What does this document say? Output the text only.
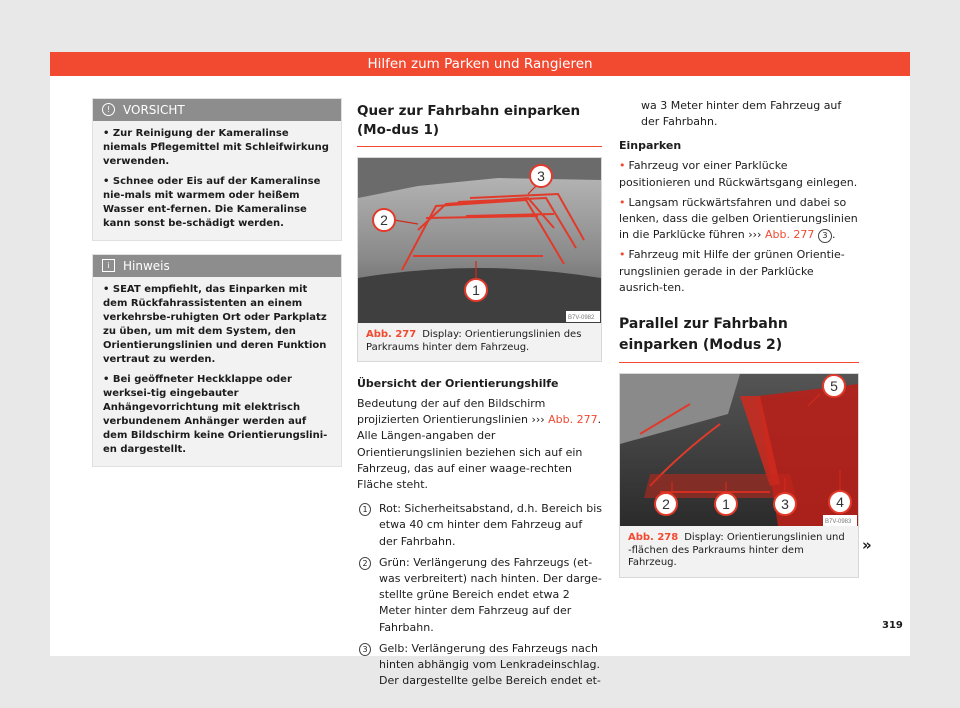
Hilfen zum Parken und Rangieren
! VORSICHT

• Zur Reinigung der Kameralinse niemals Pflegemittel mit Schleifwirkung verwenden.

• Schnee oder Eis auf der Kameralinse nie-mals mit warmem oder heißem Wasser ent-fernen. Die Kameralinse kann sonst be-schädigt werden.

i Hinweis

• SEAT empfiehlt, das Einparken mit dem Rückfahrassistenten an einem verkehrsbe-ruhigten Ort oder Parkplatz zu üben, um mit dem System, den Orientierungslinien und deren Funktion vertraut zu werden.

• Bei geöffneter Heckklappe oder werksei-tig eingebauter Anhängevorrichtung mit elektrisch verbundenem Anhänger werden auf dem Bildschirm keine Orientierungslini-en dargestellt.

Quer zur Fahrbahn einparken (Mo-dus 1)
3
2
1
B7V-0982
Abb. 277 Display: Orientierungslinien des Parkraums hinter dem Fahrzeug.
Übersicht der Orientierungshilfe
Bedeutung der auf den Bildschirm projizierten Orientierungslinien ››› Abb. 277. Alle Längen-angaben der Orientierungslinien beziehen sich auf ein Fahrzeug, das auf einer waage-rechten Fläche steht.
1	Rot: Sicherheitsabstand, d.h. Bereich bis etwa 40 cm hinter dem Fahrzeug auf der Fahrbahn.
2	Grün: Verlängerung des Fahrzeugs (et-was verbreitert) nach hinten. Der darge-stellte grüne Bereich endet etwa 2 Meter hinter dem Fahrzeug auf der Fahrbahn.
3	Gelb: Verlängerung des Fahrzeugs nach hinten abhängig vom Lenkradeinschlag. Der dargestellte gelbe Bereich endet et-
wa 3 Meter hinter dem Fahrzeug auf der Fahrbahn.
Einparken
• Fahrzeug vor einer Parklücke positionieren und Rückwärtsgang einlegen.
• Langsam rückwärtsfahren und dabei so lenken, dass die gelben Orientierungslinien in die Parklücke führen ››› Abb. 277 3 .
• Fahrzeug mit Hilfe der grünen Orientie-rungslinien gerade in der Parklücke ausrich-ten.
Parallel zur Fahrbahn einparken (Modus 2)
5
2	1	3	4
B7V-0983
Abb. 278 Display: Orientierungslinien und -flächen des Parkraums hinter dem Fahrzeug.
»
319
